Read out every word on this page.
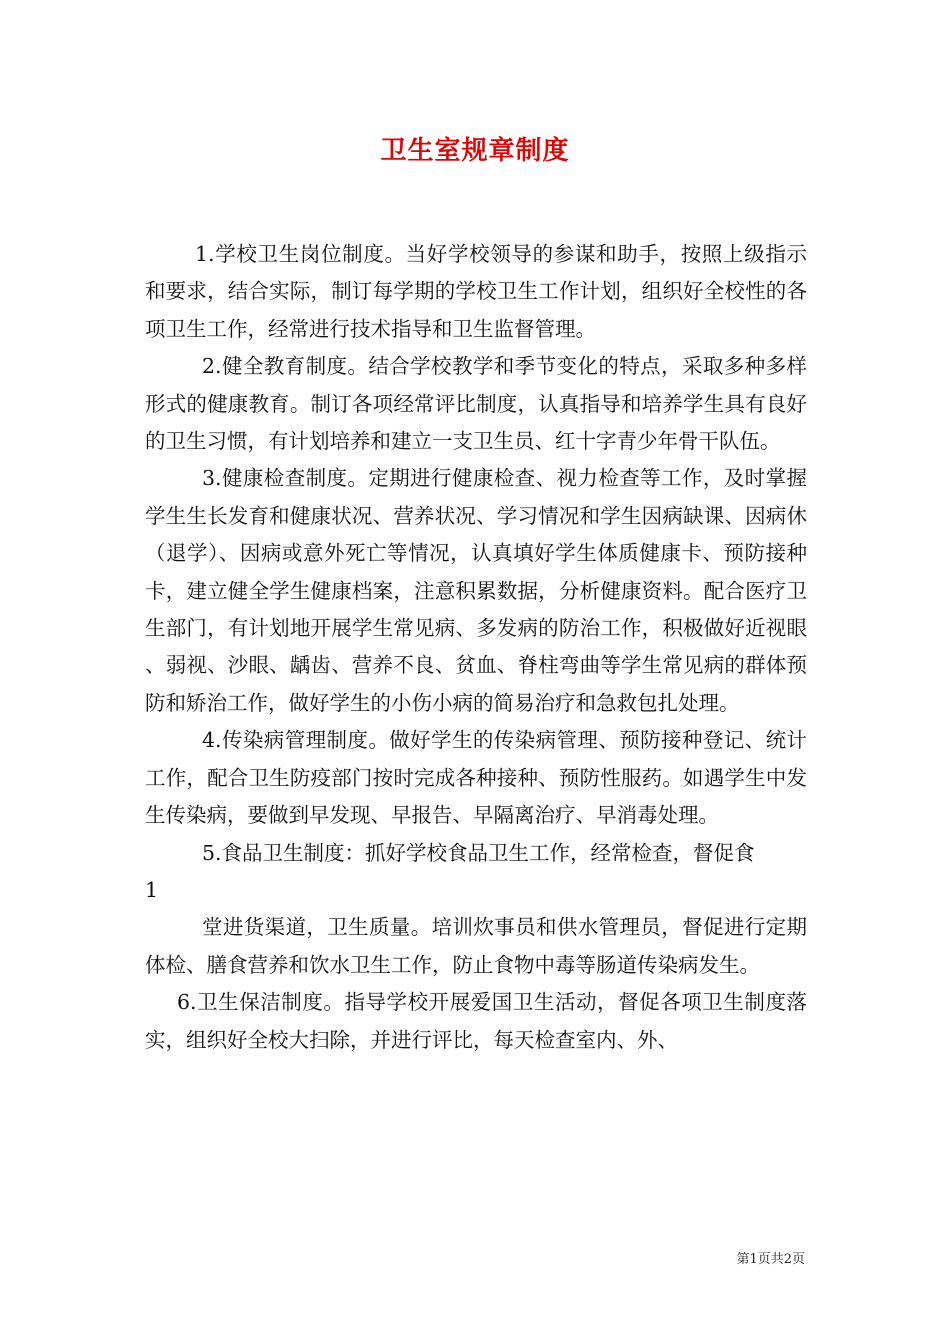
卫生室规章制度

1.学校卫生岗位制度。当好学校领导的参谋和助手，按照上级指示和要求，结合实际，制订每学期的学校卫生工作计划，组织好全校性的各项卫生工作，经常进行技术指导和卫生监督管理。

2.健全教育制度。结合学校教学和季节变化的特点，采取多种多样形式的健康教育。制订各项经常评比制度，认真指导和培养学生具有良好的卫生习惯，有计划培养和建立一支卫生员、红十字青少年骨干队伍。

3.健康检查制度。定期进行健康检查、视力检查等工作，及时掌握学生生长发育和健康状况、营养状况、学习情况和学生因病缺课、因病休（退学）、因病或意外死亡等情况，认真填好学生体质健康卡、预防接种卡，建立健全学生健康档案，注意积累数据，分析健康资料。配合医疗卫生部门，有计划地开展学生常见病、多发病的防治工作，积极做好近视眼、弱视、沙眼、龋齿、营养不良、贫血、脊柱弯曲等学生常见病的群体预防和矫治工作，做好学生的小伤小病的简易治疗和急救包扎处理。

4.传染病管理制度。做好学生的传染病管理、预防接种登记、统计工作，配合卫生防疫部门按时完成各种接种、预防性服药。如遇学生中发生传染病，要做到早发现、早报告、早隔离治疗、早消毒处理。

5.食品卫生制度：抓好学校食品卫生工作，经常检查，督促食

1

堂进货渠道，卫生质量。培训炊事员和供水管理员，督促进行定期体检、膳食营养和饮水卫生工作，防止食物中毒等肠道传染病发生。

6.卫生保洁制度。指导学校开展爱国卫生活动，督促各项卫生制度落实，组织好全校大扫除，并进行评比，每天检查室内、外、

第1页共2页
